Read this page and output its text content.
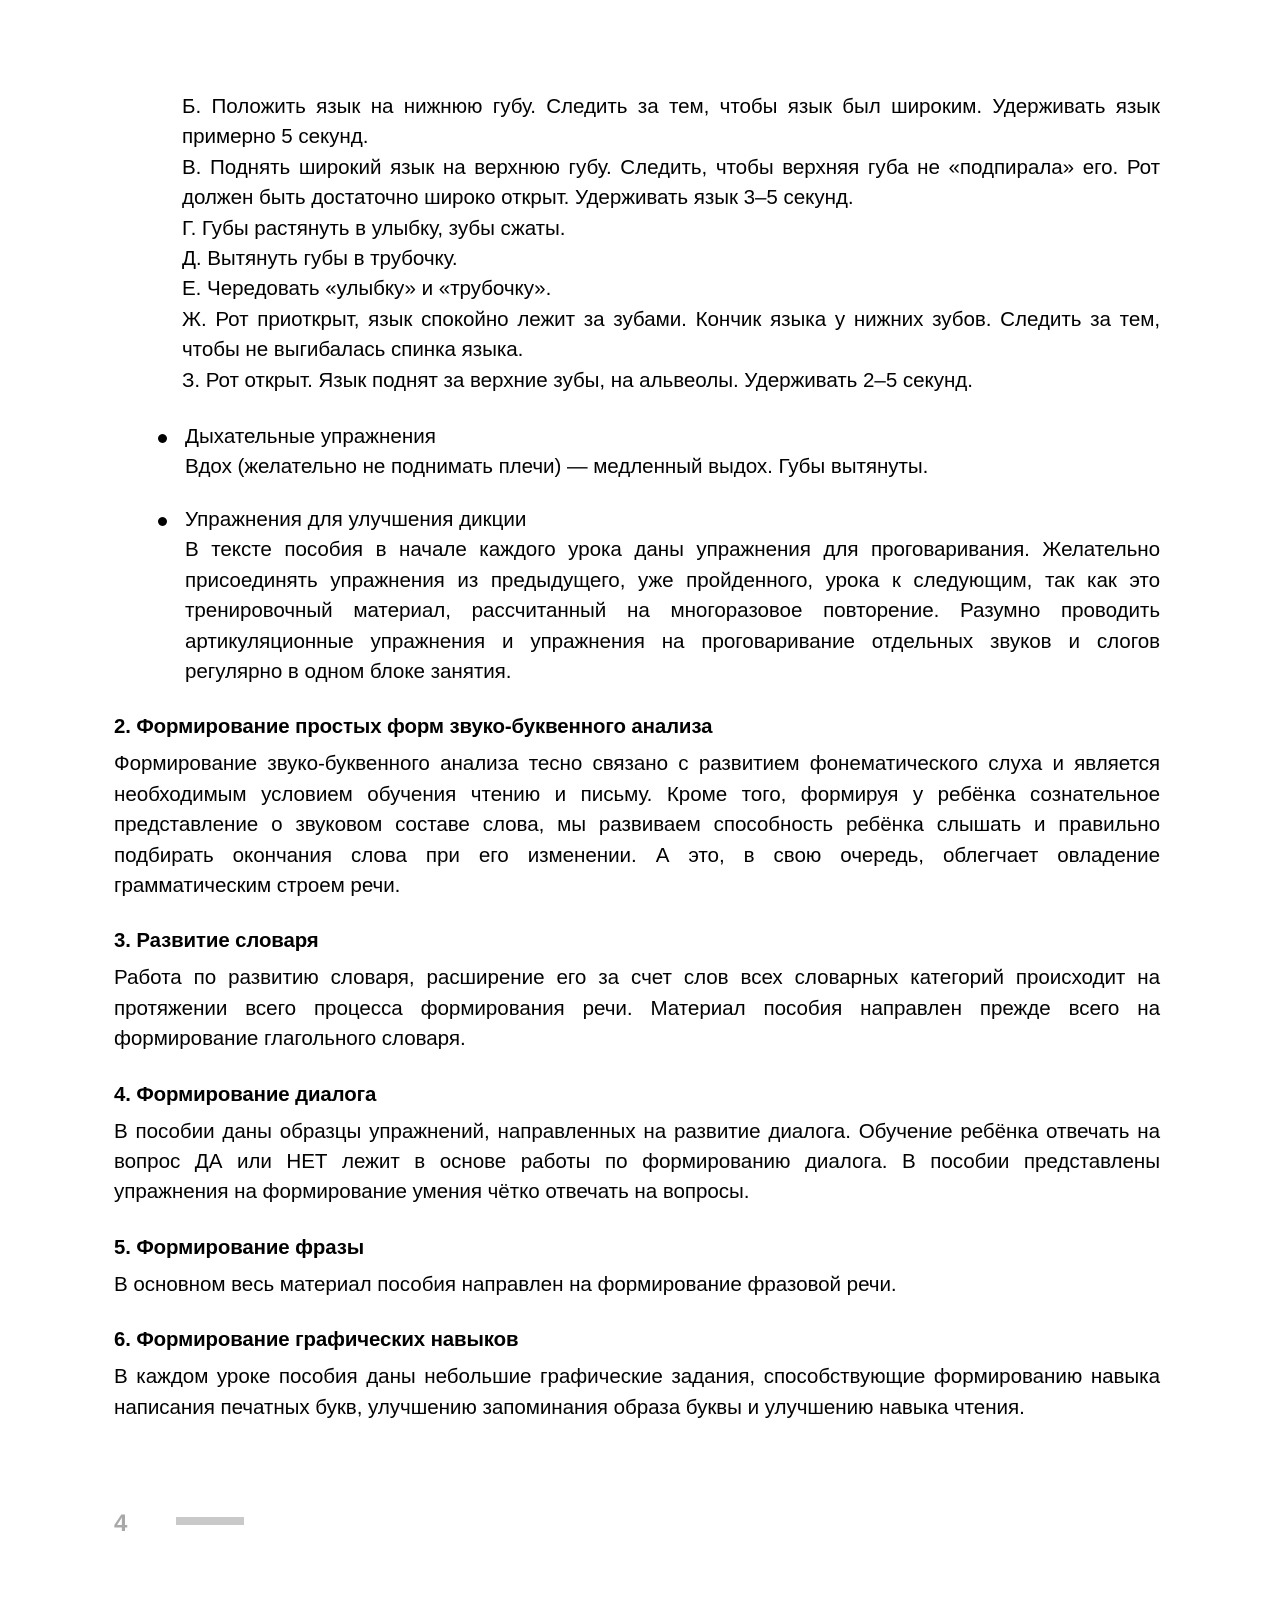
Б. Положить язык на нижнюю губу. Следить за тем, чтобы язык был широким. Удерживать язык примерно 5 секунд.

В. Поднять широкий язык на верхнюю губу. Следить, чтобы верхняя губа не «подпирала» его. Рот должен быть достаточно широко открыт. Удерживать язык 3–5 секунд.

Г. Губы растянуть в улыбку, зубы сжаты.

Д. Вытянуть губы в трубочку.

Е. Чередовать «улыбку» и «трубочку».

Ж. Рот приоткрыт, язык спокойно лежит за зубами. Кончик языка у нижних зубов. Следить за тем, чтобы не выгибалась спинка языка.

З. Рот открыт. Язык поднят за верхние зубы, на альвеолы. Удерживать 2–5 секунд.

Дыхательные упражнения

Вдох (желательно не поднимать плечи) — медленный выдох. Губы вытянуты.

Упражнения для улучшения дикции

В тексте пособия в начале каждого урока даны упражнения для проговаривания. Желательно присоединять упражнения из предыдущего, уже пройденного, урока к следующим, так как это тренировочный материал, рассчитанный на многоразовое повторение. Разумно проводить артикуляционные упражнения и упражнения на проговаривание отдельных звуков и слогов регулярно в одном блоке занятия.

2. Формирование простых форм звуко-буквенного анализа

Формирование звуко-буквенного анализа тесно связано с развитием фонематического слуха и является необходимым условием обучения чтению и письму. Кроме того, формируя у ребёнка сознательное представление о звуковом составе слова, мы развиваем способность ребёнка слышать и правильно подбирать окончания слова при его изменении. А это, в свою очередь, облегчает овладение грамматическим строем речи.

3. Развитие словаря

Работа по развитию словаря, расширение его за счет слов всех словарных категорий происходит на протяжении всего процесса формирования речи. Материал пособия направлен прежде всего на формирование глагольного словаря.

4. Формирование диалога

В пособии даны образцы упражнений, направленных на развитие диалога. Обучение ребёнка отвечать на вопрос ДА или НЕТ лежит в основе работы по формированию диалога. В пособии представлены упражнения на формирование умения чётко отвечать на вопросы.

5. Формирование фразы

В основном весь материал пособия направлен на формирование фразовой речи.

6. Формирование графических навыков

В каждом уроке пособия даны небольшие графические задания, способствующие формированию навыка написания печатных букв, улучшению запоминания образа буквы и улучшению навыка чтения.

4
